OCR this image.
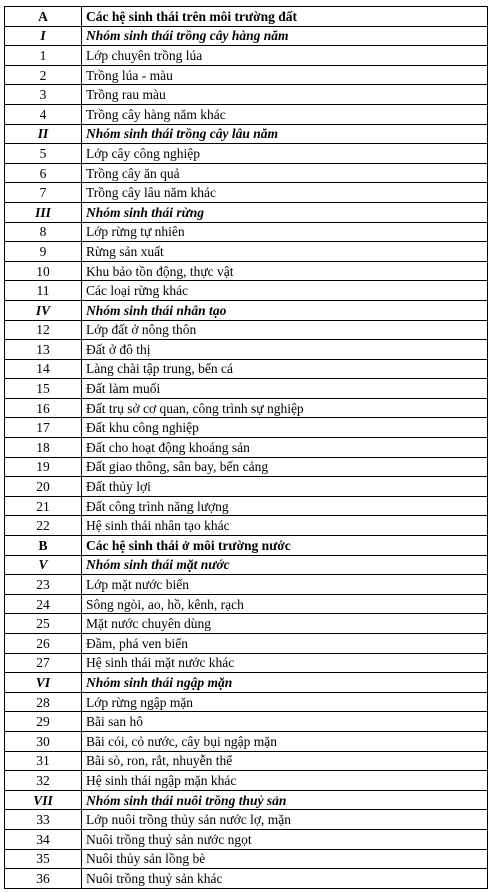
A	Các hệ sinh thái trên môi trường đất
I	Nhóm sinh thái trồng cây hàng năm
1	Lớp chuyên trồng lúa
2	Trồng lúa - màu
3	Trồng rau màu
4	Trồng cây hàng năm khác
II	Nhóm sinh thái trồng cây lâu năm
5	Lớp cây công nghiệp
6	Trồng cây ăn quả
7	Trồng cây lâu năm khác
III	Nhóm sinh thái rừng
8	Lớp rừng tự nhiên
9	Rừng sản xuất
10	Khu bảo tồn động, thực vật
11	Các loại rừng khác
IV	Nhóm sinh thái nhân tạo
12	Lớp đất ở nông thôn
13	Đất ở đô thị
14	Làng chài tập trung, bến cá
15	Đất làm muối
16	Đất trụ sở cơ quan, công trình sự nghiệp
17	Đất khu công nghiệp
18	Đất cho hoạt động khoáng sản
19	Đất giao thông, sân bay, bến cảng
20	Đất thủy lợi
21	Đất công trình năng lượng
22	Hệ sinh thái nhân tạo khác
B	Các hệ sinh thái ở môi trường nước
V	Nhóm sinh thái mặt nước
23	Lớp mặt nước biển
24	Sông ngòi, ao, hồ, kênh, rạch
25	Mặt nước chuyên dùng
26	Đầm, phá ven biển
27	Hệ sinh thái mặt nước khác
VI	Nhóm sinh thái ngập mặn
28	Lớp rừng ngập mặn
29	Bãi san hô
30	Bãi cói, cỏ nước, cây bụi ngập mặn
31	Bãi sò, ron, rắt, nhuyễn thể
32	Hệ sinh thái ngập mặn khác
VII	Nhóm sinh thái nuôi trồng thuỷ sản
33	Lớp nuôi trồng thủy sản nước lợ, mặn
34	Nuôi trồng thuỷ sản nước ngọt
35	Nuôi thủy sản lồng bè
36	Nuôi trồng thuỷ sản khác
